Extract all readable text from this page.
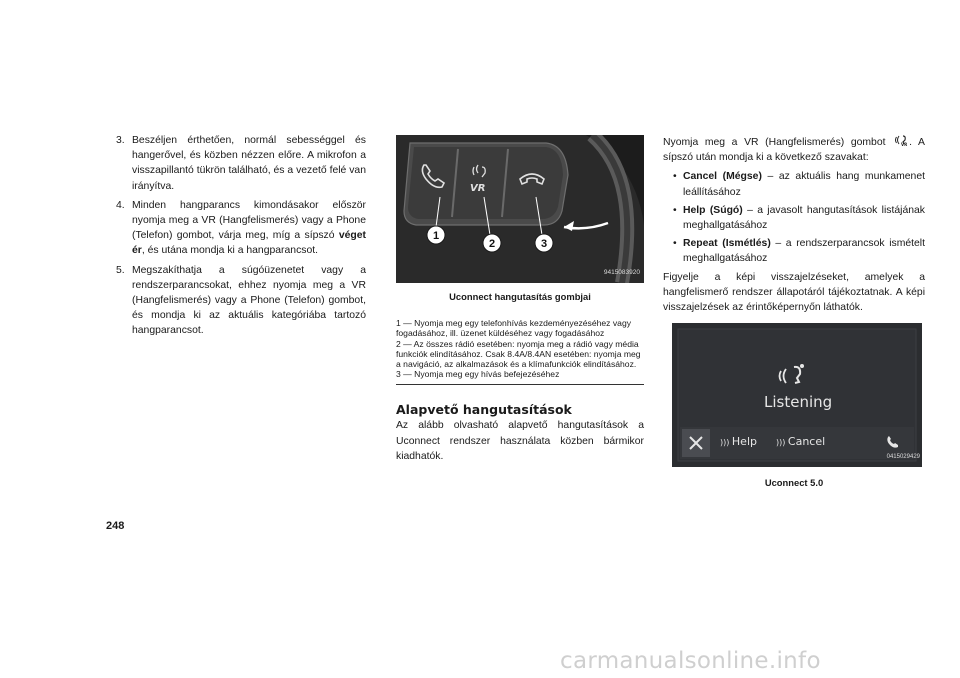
3. Beszéljen érthetően, normál sebességgel és hangerővel, és közben nézzen előre. A mikrofon a visszapillantó tükrön található, és a vezető felé van irányítva.
4. Minden hangparancs kimondásakor először nyomja meg a VR (Hangfelismerés) vagy a Phone (Telefon) gombot, várja meg, míg a sípszó véget ér, és utána mondja ki a hangparancsot.
5. Megszakíthatja a súgóüzenetet vagy a rendszerparancsokat, ehhez nyomja meg a VR (Hangfelismerés) vagy a Phone (Telefon) gombot, és mondja ki az aktuális kategóriába tartozó hangparancsot.
VR
1
2	3
9415083920
Uconnect hangutasítás gombjai
1 — Nyomja meg egy telefonhívás kezdeményezéséhez vagy fogadásához, ill. üzenet küldéséhez vagy fogadásához
2 — Az összes rádió esetében: nyomja meg a rádió vagy média funkciók elindításához. Csak 8.4A/8.4AN esetében: nyomja meg a navigáció, az alkalmazások és a klímafunkciók elindításához.
3 — Nyomja meg egy hívás befejezéséhez
Alapvető hangutasítások
Az alább olvasható alapvető hangutasítások a Uconnect rendszer használata közben bármikor kiadhatók.
Nyomja meg a VR (Hangfelismerés) gombot	VR . A sípszó után mondja ki a következő szavakat:
• Cancel (Mégse) – az aktuális hang munkamenet leállításához
• Help (Súgó) – a javasolt hangutasítások listájának meghallgatásához
• Repeat (Ismétlés) – a rendszerparancsok ismételt meghallgatásához
Figyelje a képi visszajelzéseket, amelyek a hangfelismerő rendszer állapotáról tájékoztatnak. A képi visszajelzések az érintőképernyőn láthatók.
Listening
))) Help ))) Cancel
0415029429
Uconnect 5.0
248
carmanualsonline.info
